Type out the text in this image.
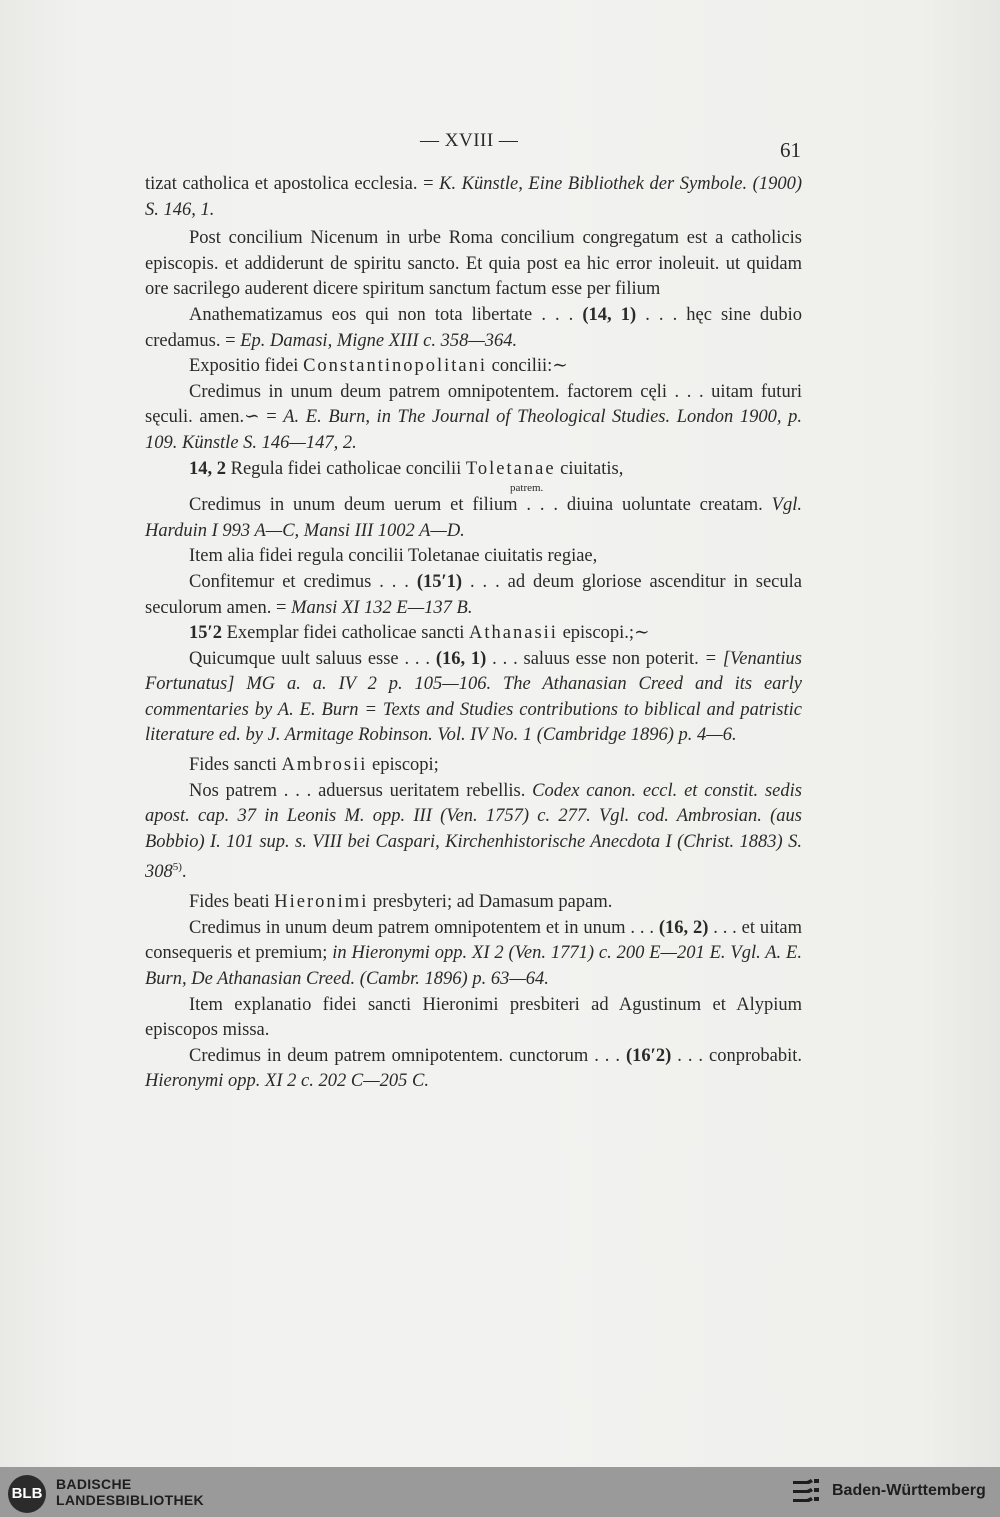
— XVIII —	61

tizat catholica et apostolica ecclesia. = K. Künstle, Eine Bibliothek der Symbole. (1900) S. 146, 1.

Post concilium Nicenum in urbe Roma concilium congregatum est a catholicis episcopis. et addiderunt de spiritu sancto. Et quia post ea hic error inoleuit. ut quidam ore sacrilego auderent dicere spiritum sanctum factum esse per filium

Anathematizamus eos qui non tota libertate . . . (14, 1) . . . hęc sine dubio credamus. = Ep. Damasi, Migne XIII c. 358—364.

Expositio fidei Constantinopolitani concilii:∼

Credimus in unum deum patrem omnipotentem. factorem cęli . . . uitam futuri sęculi. amen.∽ = A. E. Burn, in The Journal of Theological Studies. London 1900, p. 109. Künstle S. 146—147, 2.

14, 2 Regula fidei catholicae concilii Toletanae ciuitatis,

patrem.

Credimus in unum deum uerum et filium . . . diuina uoluntate creatam. Vgl. Harduin I 993 A—C, Mansi III 1002 A—D.

Item alia fidei regula concilii Toletanae ciuitatis regiae,

Confitemur et credimus . . . (15′1) . . . ad deum gloriose ascenditur in secula seculorum amen. = Mansi XI 132 E—137 B.

15′2 Exemplar fidei catholicae sancti Athanasii episcopi.;∼

Quicumque uult saluus esse . . . (16, 1) . . . saluus esse non poterit. = [Venantius Fortunatus] MG a. a. IV 2 p. 105—106. The Athanasian Creed and its early commentaries by A. E. Burn = Texts and Studies contributions to biblical and patristic literature ed. by J. Armitage Robinson. Vol. IV No. 1 (Cambridge 1896) p. 4—6.

Fides sancti Ambrosii episcopi;

Nos patrem . . . aduersus ueritatem rebellis. Codex canon. eccl. et constit. sedis apost. cap. 37 in Leonis M. opp. III (Ven. 1757) c. 277. Vgl. cod. Ambrosian. (aus Bobbio) I. 101 sup. s. VIII bei Caspari, Kirchenhistorische Anecdota I (Christ. 1883) S. 308$^{5)}$.

Fides beati Hieronimi presbyteri; ad Damasum papam.

Credimus in unum deum patrem omnipotentem et in unum . . . (16, 2) . . . et uitam consequeris et premium; in Hieronymi opp. XI 2 (Ven. 1771) c. 200 E—201 E. Vgl. A. E. Burn, De Athanasian Creed. (Cambr. 1896) p. 63—64.

Item explanatio fidei sancti Hieronimi presbiteri ad Agustinum et Alypium episcopos missa.

Credimus in deum patrem omnipotentem. cunctorum . . . (16′2) . . . conprobabit. Hieronymi opp. XI 2 c. 202 C—205 C.

BLB
BADISCHE
LANDESBIBLIOTHEK
Baden-Württemberg
